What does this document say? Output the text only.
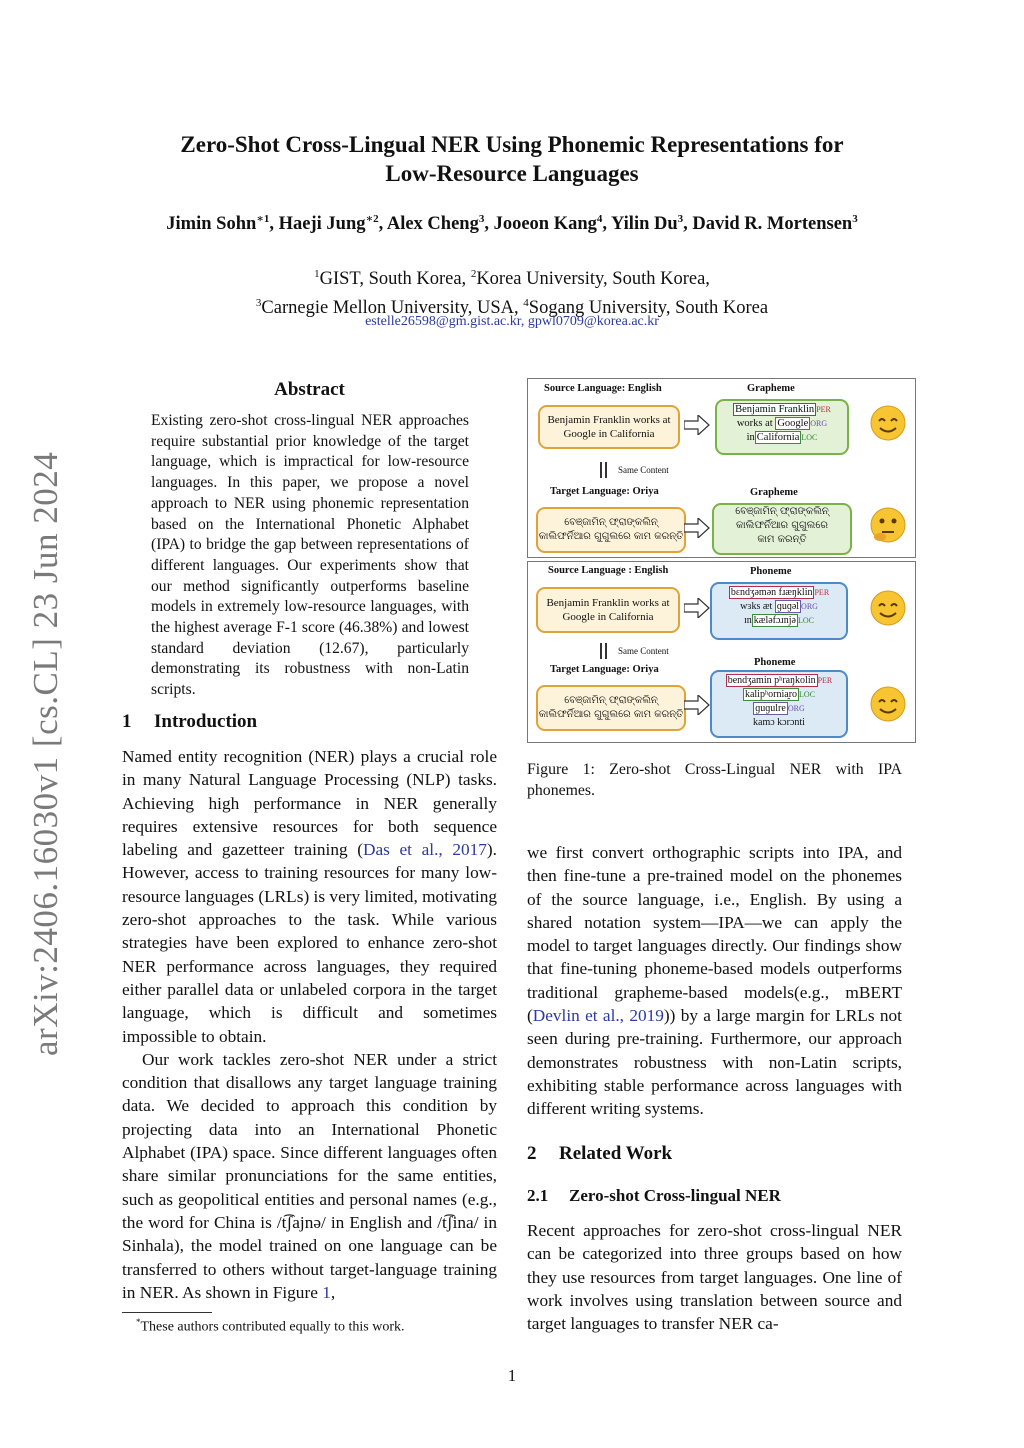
arXiv:2406.16030v1 [cs.CL] 23 Jun 2024
Zero-Shot Cross-Lingual NER Using Phonemic Representations for
Low-Resource Languages
Jimin Sohn$^{∗1}$, Haeji Jung$^{∗2}$, Alex Cheng$^3$, Jooeon Kang$^4$, Yilin Du$^3$, David R. Mortensen$^3$
$^1$GIST, South Korea, $^2$Korea University, South Korea,
$^3$Carnegie Mellon University, USA, $^4$Sogang University, South Korea
estelle26598@gm.gist.ac.kr, gpwl0709@korea.ac.kr
Abstract
Existing zero-shot cross-lingual NER approaches require substantial prior knowledge of the target language, which is impractical for low-resource languages. In this paper, we propose a novel approach to NER using phonemic representation based on the International Phonetic Alphabet (IPA) to bridge the gap between representations of different languages. Our experiments show that our method significantly outperforms baseline models in extremely low-resource languages, with the highest average F-1 score (46.38%) and lowest standard deviation (12.67), particularly demonstrating its robustness with non-Latin scripts.
1 Introduction

Named entity recognition (NER) plays a crucial role in many Natural Language Processing (NLP) tasks. Achieving high performance in NER generally requires extensive resources for both sequence labeling and gazetteer training (Das et al., 2017). However, access to training resources for many low-resource languages (LRLs) is very limited, motivating zero-shot approaches to the task. While various strategies have been explored to enhance zero-shot NER performance across languages, they required either parallel data or unlabeled corpora in the target language, which is difficult and sometimes impossible to obtain.

Our work tackles zero-shot NER under a strict condition that disallows any target language training data. We decided to approach this condition by projecting data into an International Phonetic Alphabet (IPA) space. Since different languages often share similar pronunciations for the same entities, such as geopolitical entities and personal names (e.g., the word for China is /t͡ʃajnə/ in English and /t͡ʃina/ in Sinhala), the model trained on one language can be transferred to others without target-language training in NER. As shown in Figure 1,

*These authors contributed equally to this work.
Source Language: English	Grapheme
Benjamin Franklin works at Google in California
Benjamin Franklin PER
works at Google ORG
in California LOC
Same Content
Target Language: Oriya	Grapheme
ବେଞ୍ଜାମିନ୍ ଫ୍ରାଙ୍କଲିନ୍ କାଲିଫର୍ନିଆର ଗୁଗୁଲରେ କାମ କରନ୍ତି
ବେଞ୍ଜାମିନ୍ ଫ୍ରାଙ୍କଲିନ୍
କାଲିଫର୍ନିଆର ଗୁଗୁଲରେ
କାମ କରନ୍ତି
Source Language : English	Phoneme
Benjamin Franklin works at Google in California
bɛndʒəmən fɹæŋklin PER
wɜks æt ɡuɡəl ORG
ɪn kæləfɔɹnjə LOC
Same Content
Target Language: Oriya
Phoneme
ବେଞ୍ଜାମିନ୍ ଫ୍ରାଙ୍କଲିନ୍ କାଲିଫର୍ନିଆର ଗୁଗୁଲରେ କାମ କରନ୍ତି
bendʒamin pʰraŋkolin PER
kalipʰornia̯ro LOC
ɡuɡulre ORG
kamɔ kɔrɔnti
Figure 1: Zero-shot Cross-Lingual NER with IPA phonemes.

we first convert orthographic scripts into IPA, and then fine-tune a pre-trained model on the phonemes of the source language, i.e., English. By using a shared notation system—IPA—we can apply the model to target languages directly. Our findings show that fine-tuning phoneme-based models outperforms traditional grapheme-based models(e.g., mBERT (Devlin et al., 2019)) by a large margin for LRLs not seen during pre-training. Furthermore, our approach demonstrates robustness with non-Latin scripts, exhibiting stable performance across languages with different writing systems.

2 Related Work
2.1 Zero-shot Cross-lingual NER

Recent approaches for zero-shot cross-lingual NER can be categorized into three groups based on how they use resources from target languages. One line of work involves using translation between source and target languages to transfer NER ca-

1
